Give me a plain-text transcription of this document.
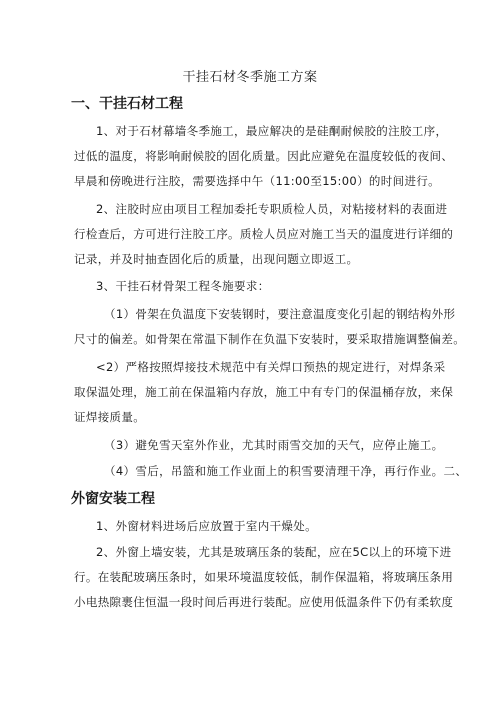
干挂石材冬季施工方案
一、干挂石材工程
1、对于石材幕墙冬季施工，最应解决的是硅酮耐候胶的注胶工序，
过低的温度，将影响耐候胶的固化质量。因此应避免在温度较低的夜间、
早晨和傍晚进行注胶，需要选择中午（11:00至15:00）的时间进行。
2、注胶时应由项目工程加委托专职质检人员，对粘接材料的表面进
行检查后，方可进行注胶工序。质检人员应对施工当天的温度进行详细的
记录，并及时抽查固化后的质量，出现问题立即返工。
3、干挂石材骨架工程冬施要求：
（1）骨架在负温度下安装钢时，要注意温度变化引起的钢结构外形
尺寸的偏差。如骨架在常温下制作在负温下安装时，要采取措施调整偏差。
<2）严格按照焊接技术规范中有关焊口预热的规定进行，对焊条采
取保温处理，施工前在保温箱内存放，施工中有专门的保温桶存放，来保
证焊接质量。
（3）避免雪天室外作业，尤其时雨雪交加的天气，应停止施工。
（4）雪后，吊篮和施工作业面上的积雪要清理干净，再行作业。二、
外窗安装工程
1、外窗材料进场后应放置于室内干燥处。
2、外窗上墙安装，尤其是玻璃压条的装配，应在5C以上的环境下进
行。在装配玻璃压条时，如果环境温度较低，制作保温箱，将玻璃压条用
小电热隙裹住恒温一段时间后再进行装配。应使用低温条件下仍有柔软度
